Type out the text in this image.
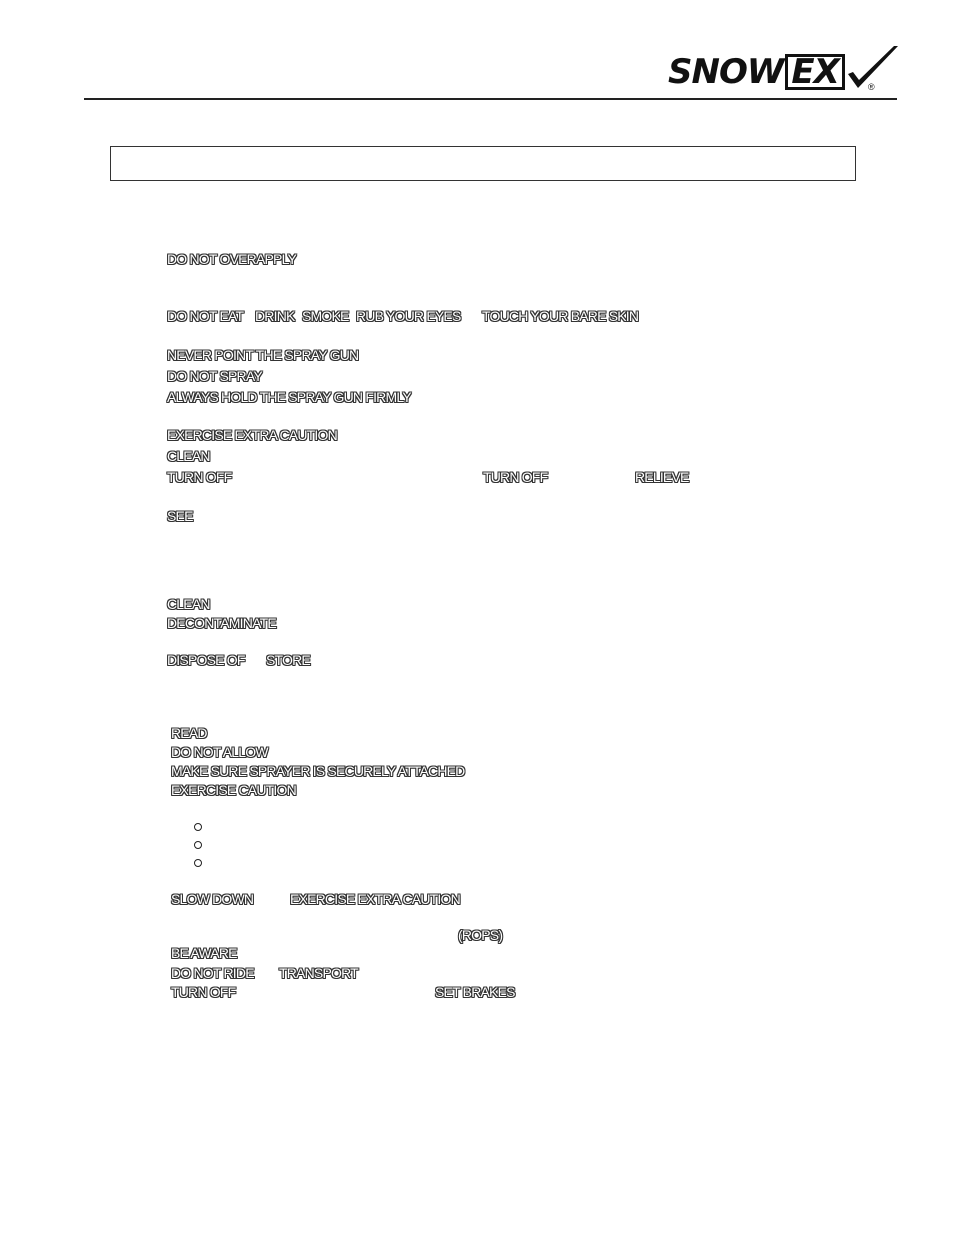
SNOW EX	®
DO NOT OVERAPPLY
DO NOT EAT DRINK SMOKE RUB YOUR EYES TOUCH YOUR BARE SKIN
NEVER POINT THE SPRAY GUN
DO NOT SPRAY
ALWAYS HOLD THE SPRAY GUN FIRMLY
EXERCISE EXTRA CAUTION
CLEAN
TURN OFF	TURN OFF	RELIEVE
SEE
CLEAN
DECONTAMINATE
DISPOSE OF STORE
READ
DO NOT ALLOW
MAKE SURE SPRAYER IS SECURELY ATTACHED
EXERCISE CAUTION
SLOW DOWN	EXERCISE EXTRA CAUTION
(ROPS)
BE AWARE
DO NOT RIDE TRANSPORT
TURN OFF	SET BRAKES
